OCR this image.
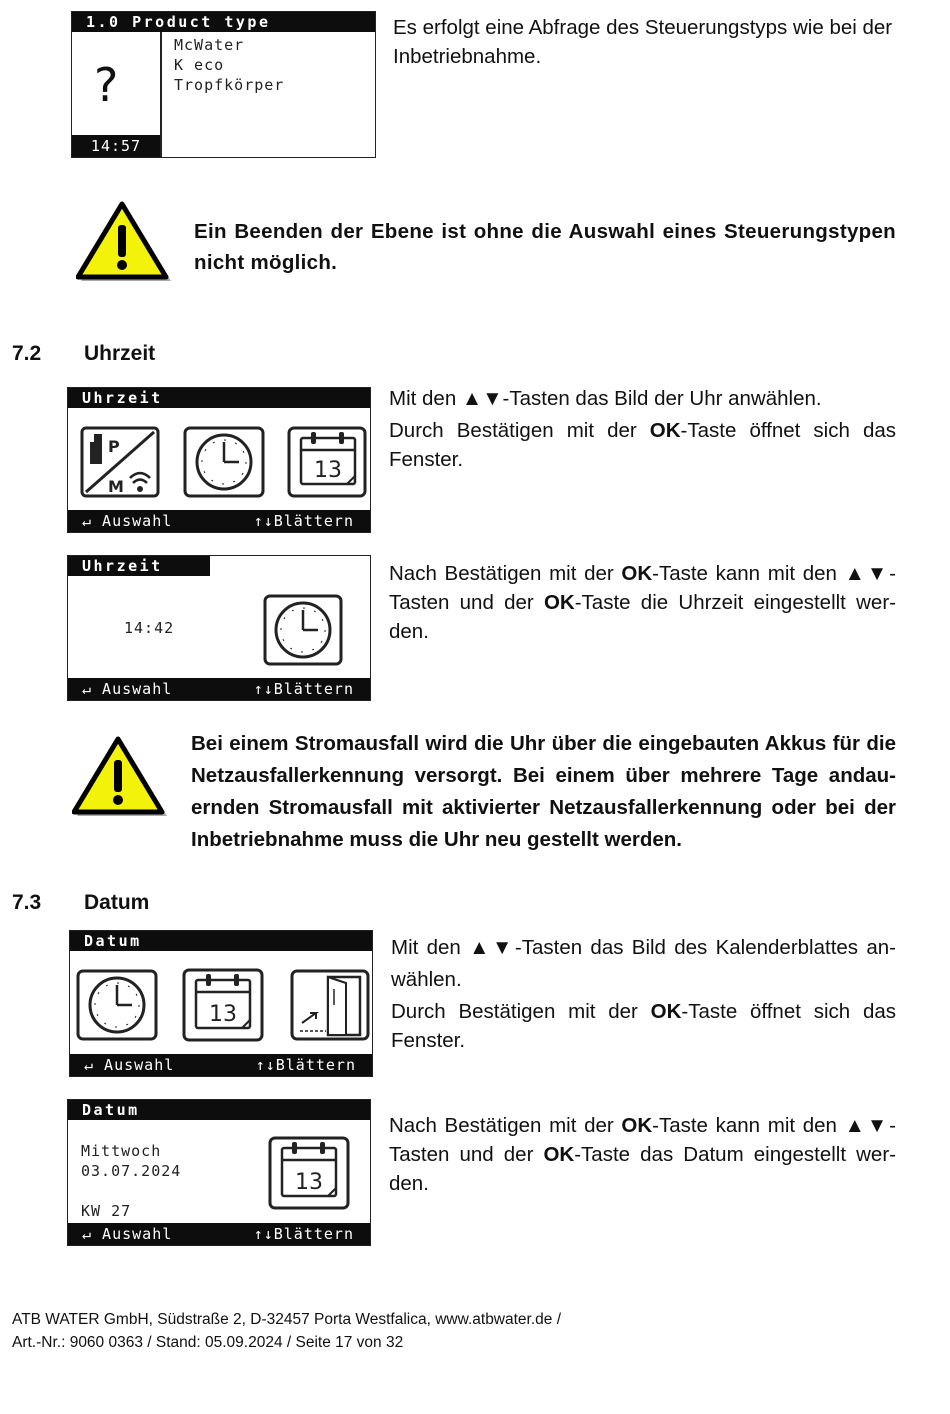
1.0 Product type
?
14:57
McWater
K eco
Tropfkörper
Es erfolgt eine Abfrage des Steuerungstyps wie bei der Inbetriebnahme.
Ein Beenden der Ebene ist ohne die Auswahl eines Steuerungstypen nicht möglich.
7.2 Uhrzeit
Uhrzeit
P
M
13
↵ Auswahl	↑↓Blättern
Mit den ▲▼-Tasten das Bild der Uhr anwählen.
Durch Bestätigen mit der OK-Taste öffnet sich das Fenster.
Uhrzeit
14:42
↵ Auswahl	↑↓Blättern
Nach Bestätigen mit der OK-Taste kann mit den ▲▼-Tasten und der OK-Taste die Uhrzeit eingestellt wer-den.
Bei einem Stromausfall wird die Uhr über die eingebauten Akkus für die Netzausfallerkennung versorgt. Bei einem über mehrere Tage andau-ernden Stromausfall mit aktivierter Netzausfallerkennung oder bei der Inbetriebnahme muss die Uhr neu gestellt werden.
7.3 Datum
Datum
13
↵ Auswahl	↑↓Blättern
Mit den ▲▼-Tasten das Bild des Kalenderblattes an-wählen.
Durch Bestätigen mit der OK-Taste öffnet sich das Fenster.
Datum
Mittwoch
03.07.2024
KW 27
13
↵ Auswahl	↑↓Blättern
Nach Bestätigen mit der OK-Taste kann mit den ▲▼-Tasten und der OK-Taste das Datum eingestellt wer-den.
ATB WATER GmbH, Südstraße 2, D-32457 Porta Westfalica, www.atbwater.de /
Art.-Nr.: 9060 0363 / Stand: 05.09.2024 / Seite 17 von 32
